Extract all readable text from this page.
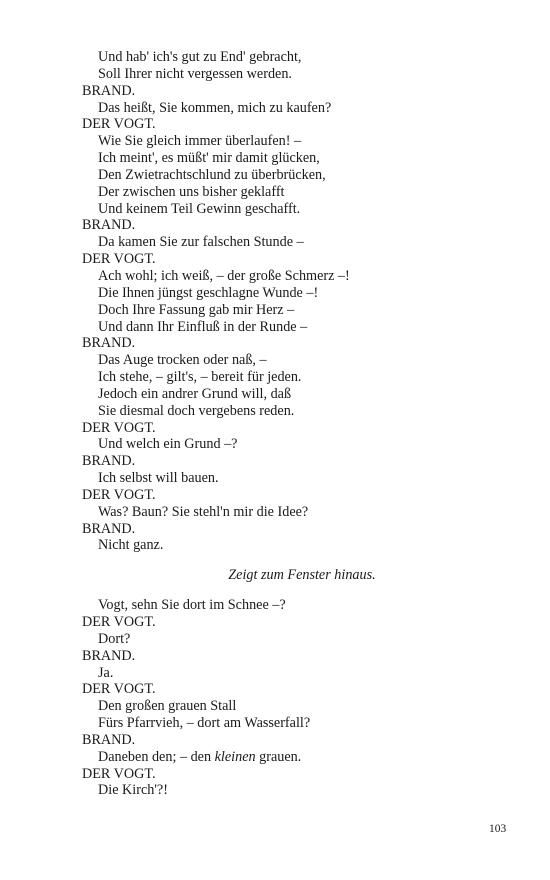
Und hab' ich's gut zu End' gebracht,
Soll Ihrer nicht vergessen werden.
BRAND.
Das heißt, Sie kommen, mich zu kaufen?
DER VOGT.
Wie Sie gleich immer überlaufen! –
Ich meint', es müßt' mir damit glücken,
Den Zwietrachtschlund zu überbrücken,
Der zwischen uns bisher geklafft
Und keinem Teil Gewinn geschafft.
BRAND.
Da kamen Sie zur falschen Stunde –
DER VOGT.
Ach wohl; ich weiß, – der große Schmerz –!
Die Ihnen jüngst geschlagne Wunde –!
Doch Ihre Fassung gab mir Herz –
Und dann Ihr Einfluß in der Runde –
BRAND.
Das Auge trocken oder naß, –
Ich stehe, – gilt's, – bereit für jeden.
Jedoch ein andrer Grund will, daß
Sie diesmal doch vergebens reden.
DER VOGT.
Und welch ein Grund –?
BRAND.
Ich selbst will bauen.
DER VOGT.
Was? Baun? Sie stehl'n mir die Idee?
BRAND.
Nicht ganz.
Zeigt zum Fenster hinaus.
Vogt, sehn Sie dort im Schnee –?
DER VOGT.
Dort?
BRAND.
Ja.
DER VOGT.
Den großen grauen Stall
Fürs Pfarrvieh, – dort am Wasserfall?
BRAND.
Daneben den; – den kleinen grauen.
DER VOGT.
Die Kirch'?!
103
